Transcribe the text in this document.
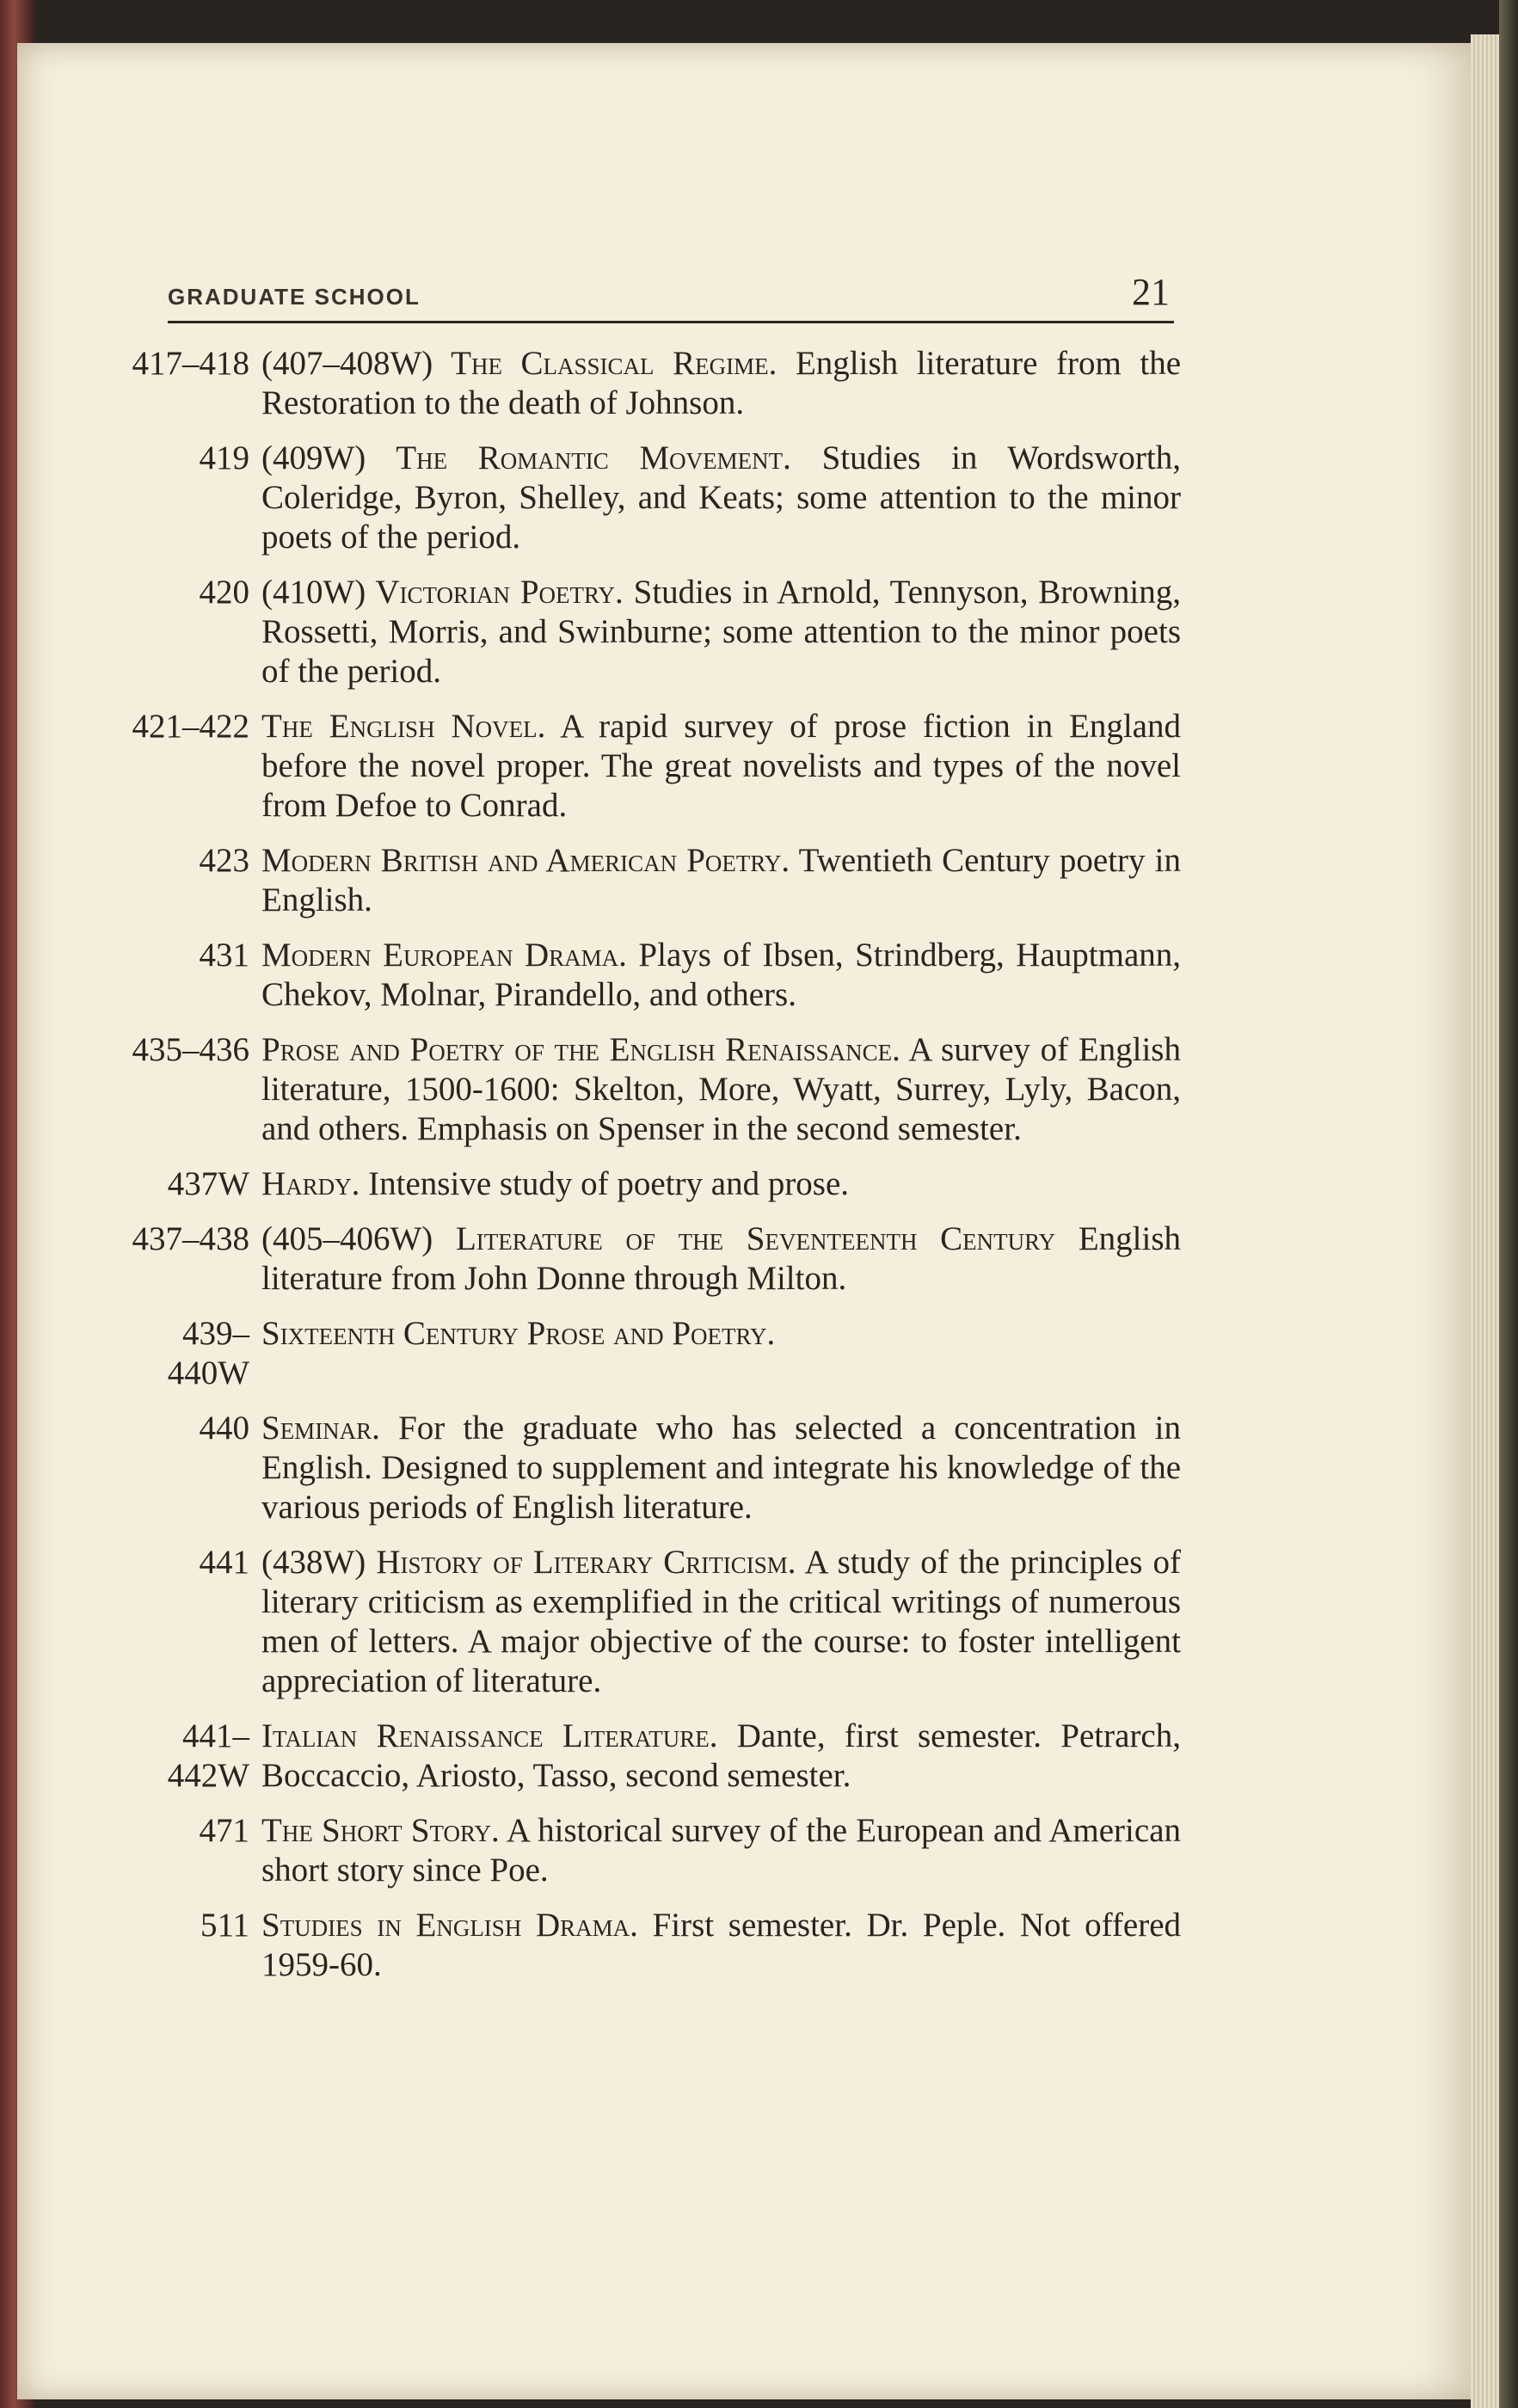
GRADUATE SCHOOL	21
417–418 (407–408W) The Classical Regime. English literature from the Restoration to the death of Johnson.
419 (409W) The Romantic Movement. Studies in Wordsworth, Coleridge, Byron, Shelley, and Keats; some attention to the minor poets of the period.
420 (410W) Victorian Poetry. Studies in Arnold, Tennyson, Browning, Rossetti, Morris, and Swinburne; some attention to the minor poets of the period.
421–422 The English Novel. A rapid survey of prose fiction in England before the novel proper. The great novelists and types of the novel from Defoe to Conrad.
423 Modern British and American Poetry. Twentieth Century poetry in English.
431 Modern European Drama. Plays of Ibsen, Strindberg, Hauptmann, Chekov, Molnar, Pirandello, and others.
435–436 Prose and Poetry of the English Renaissance. A survey of English literature, 1500-1600: Skelton, More, Wyatt, Surrey, Lyly, Bacon, and others. Emphasis on Spenser in the second semester.
437W Hardy. Intensive study of poetry and prose.
437–438 (405–406W) Literature of the Seventeenth Century English literature from John Donne through Milton.
439–440W
Sixteenth Century Prose and Poetry.
440 Seminar. For the graduate who has selected a concentration in English. Designed to supplement and integrate his knowledge of the various periods of English literature.
441 (438W) History of Literary Criticism. A study of the principles of literary criticism as exemplified in the critical writings of numerous men of letters. A major objective of the course: to foster intelligent appreciation of literature.
441–442W
Italian Renaissance Literature. Dante, first semester. Petrarch, Boccaccio, Ariosto, Tasso, second semester.
471 The Short Story. A historical survey of the European and American short story since Poe.
511 Studies in English Drama. First semester. Dr. Peple. Not offered 1959-60.
